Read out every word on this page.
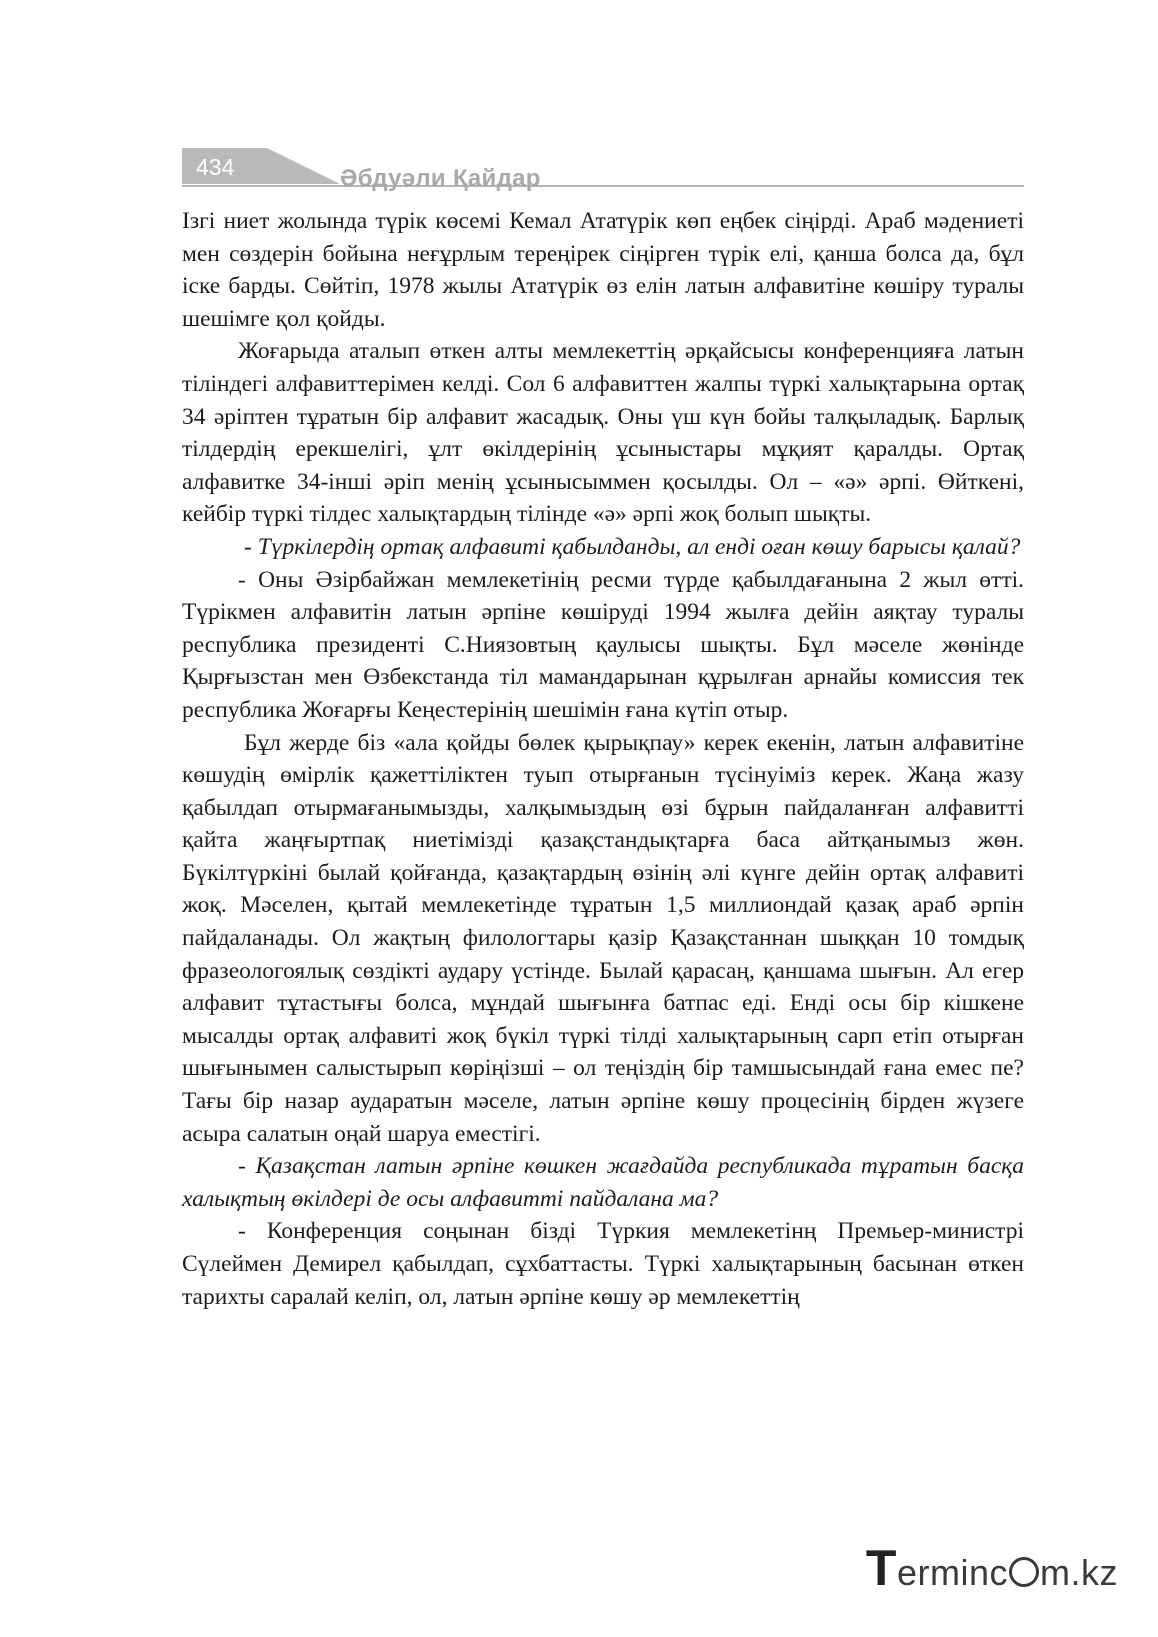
434	Әбдуәли Қайдар

Ізгі ниет жолында түрік көсемі Кемал Ататүрік көп еңбек сіңірді. Араб мәдениеті мен сөздерін бойына неғұрлым тереңірек сіңірген түрік елі, қанша болса да, бұл іске барды. Сөйтіп, 1978 жылы Ататүрік өз елін латын алфавитіне көшіру туралы шешімге қол қойды.

Жоғарыда аталып өткен алты мемлекеттің әрқайсысы конференцияға латын тіліндегі алфавиттерімен келді. Сол 6 алфавиттен жалпы түркі халықтарына ортақ 34 әріптен тұратын бір алфавит жасадық. Оны үш күн бойы талқыладық. Барлық тілдердің ерекшелігі, ұлт өкілдерінің ұсыныстары мұқият қаралды. Ортақ алфавитке 34-інші әріп менің ұсынысыммен қосылды. Ол – «ә» әрпі. Өйткені, кейбір түркі тілдес халықтардың тілінде «ә» әрпі жоқ болып шықты.

- Түркілердің ортақ алфавиті қабылданды, ал енді оған көшу барысы қалай?

- Оны Әзірбайжан мемлекетінің ресми түрде қабылдағанына 2 жыл өтті. Түрікмен алфавитін латын әрпіне көшіруді 1994 жылға дейін аяқтау туралы республика президенті С.Ниязовтың қаулысы шықты. Бұл мәселе жөнінде Қырғызстан мен Өзбекстанда тіл мамандарынан құрылған арнайы комиссия тек республика Жоғарғы Кеңестерінің шешімін ғана күтіп отыр.

Бұл жерде біз «ала қойды бөлек қырықпау» керек екенін, латын алфавитіне көшудің өмірлік қажеттіліктен туып отырғанын түсінуіміз керек. Жаңа жазу қабылдап отырмағанымызды, халқымыздың өзі бұрын пайдаланған алфавитті қайта жаңғыртпақ ниетімізді қазақстандықтарға баса айтқанымыз жөн. Бүкілтүркіні былай қойғанда, қазақтардың өзінің әлі күнге дейін ортақ алфавиті жоқ. Мәселен, қытай мемлекетінде тұратын 1,5 миллиондай қазақ араб әрпін пайдаланады. Ол жақтың филологтары қазір Қазақстаннан шыққан 10 томдық фразеологоялық сөздікті аудару үстінде. Былай қарасаң, қаншама шығын. Ал егер алфавит тұтастығы болса, мұндай шығынға батпас еді. Енді осы бір кішкене мысалды ортақ алфавиті жоқ бүкіл түркі тілді халықтарының сарп етіп отырған шығынымен салыстырып көріңізші – ол теңіздің бір тамшысындай ғана емес пе? Тағы бір назар аударатын мәселе, латын әрпіне көшу процесінің бірден жүзеге асыра салатын оңай шаруа еместігі.

- Қазақстан латын әрпіне көшкен жағдайда республикада тұратын басқа халықтың өкілдері де осы алфавитті пайдалана ма?

- Конференция соңынан бізді Түркия мемлекетінң Премьер-министрі Сүлеймен Демирел қабылдап, сұхбаттасты. Түркі халықтарының басынан өткен тарихты саралай келіп, ол, латын әрпіне көшу әр мемлекеттің

T erminc m.kz
